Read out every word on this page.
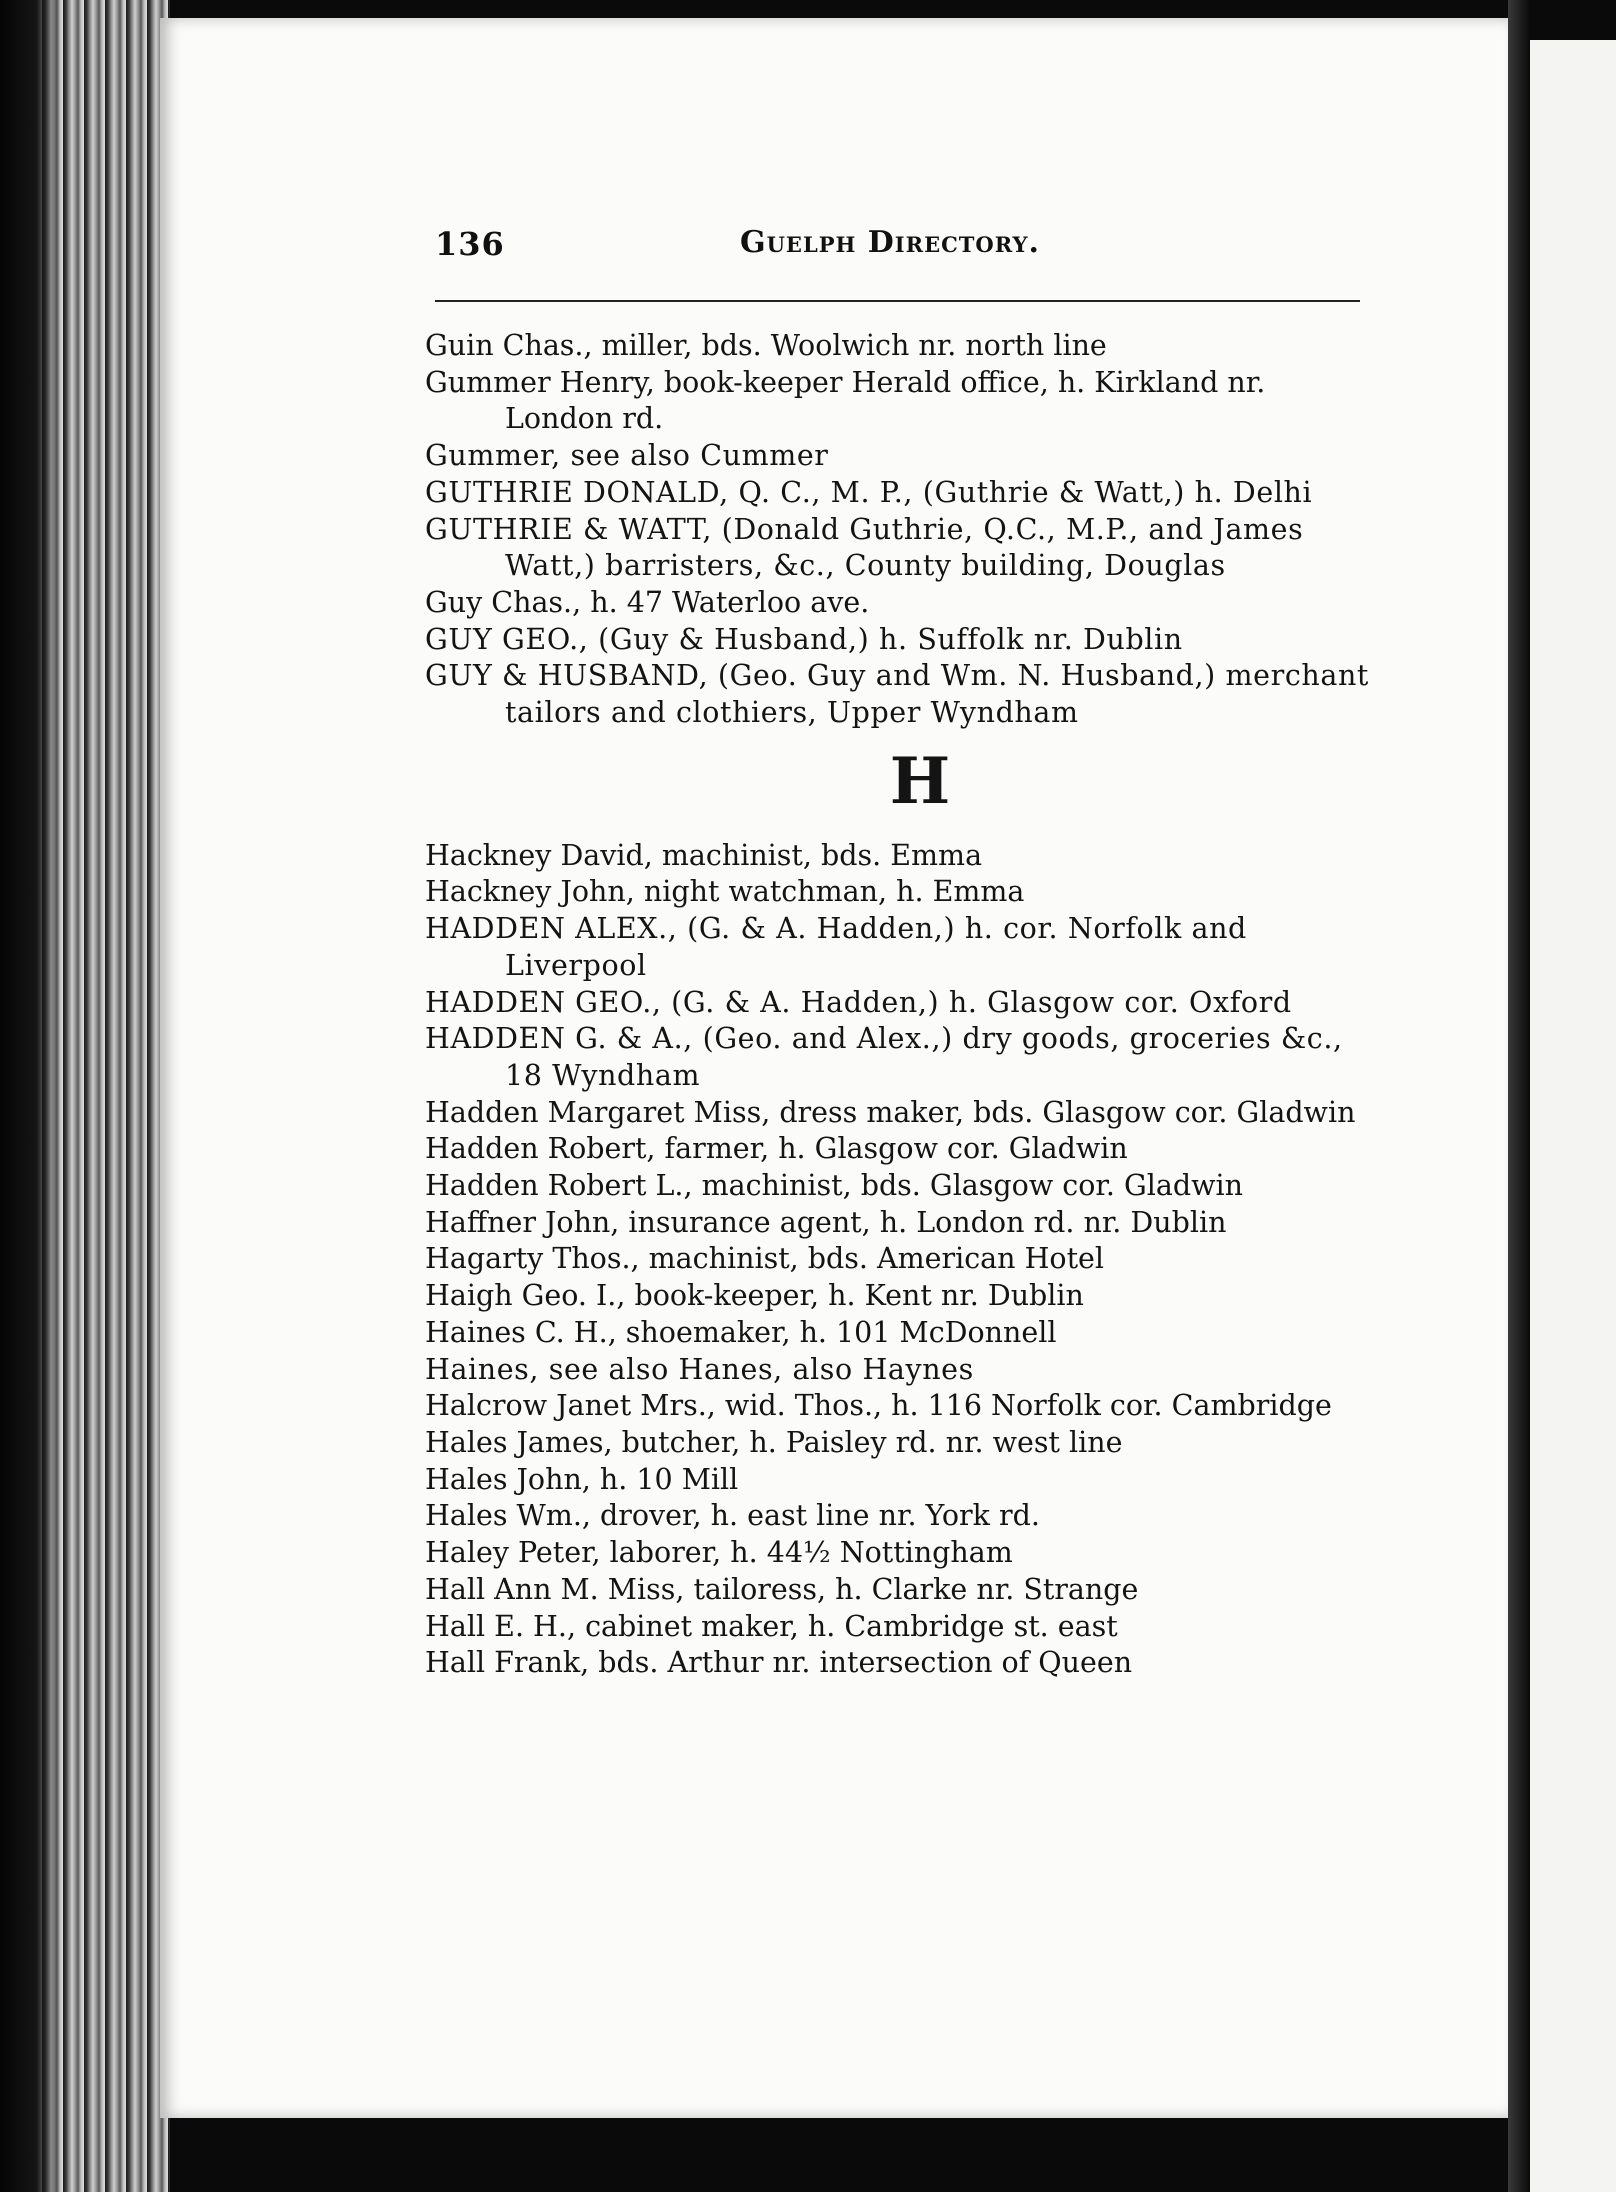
136	Guelph Directory.
Guin Chas., miller, bds. Woolwich nr. north line
Gummer Henry, book-keeper Herald office, h. Kirkland nr. London rd.
Gummer, see also Cummer
GUTHRIE DONALD, Q. C., M. P., (Guthrie & Watt,) h. Delhi
GUTHRIE & WATT, (Donald Guthrie, Q.C., M.P., and James Watt,) barristers, &c., County building, Douglas
Guy Chas., h. 47 Waterloo ave.
GUY GEO., (Guy & Husband,) h. Suffolk nr. Dublin
GUY & HUSBAND, (Geo. Guy and Wm. N. Husband,) merchant tailors and clothiers, Upper Wyndham
H
Hackney David, machinist, bds. Emma
Hackney John, night watchman, h. Emma
HADDEN ALEX., (G. & A. Hadden,) h. cor. Norfolk and Liverpool
HADDEN GEO., (G. & A. Hadden,) h. Glasgow cor. Oxford
HADDEN G. & A., (Geo. and Alex.,) dry goods, groceries &c., 18 Wyndham
Hadden Margaret Miss, dress maker, bds. Glasgow cor. Gladwin
Hadden Robert, farmer, h. Glasgow cor. Gladwin
Hadden Robert L., machinist, bds. Glasgow cor. Gladwin
Haffner John, insurance agent, h. London rd. nr. Dublin
Hagarty Thos., machinist, bds. American Hotel
Haigh Geo. I., book-keeper, h. Kent nr. Dublin
Haines C. H., shoemaker, h. 101 McDonnell
Haines, see also Hanes, also Haynes
Halcrow Janet Mrs., wid. Thos., h. 116 Norfolk cor. Cambridge
Hales James, butcher, h. Paisley rd. nr. west line
Hales John, h. 10 Mill
Hales Wm., drover, h. east line nr. York rd.
Haley Peter, laborer, h. 44½ Nottingham
Hall Ann M. Miss, tailoress, h. Clarke nr. Strange
Hall E. H., cabinet maker, h. Cambridge st. east
Hall Frank, bds. Arthur nr. intersection of Queen
